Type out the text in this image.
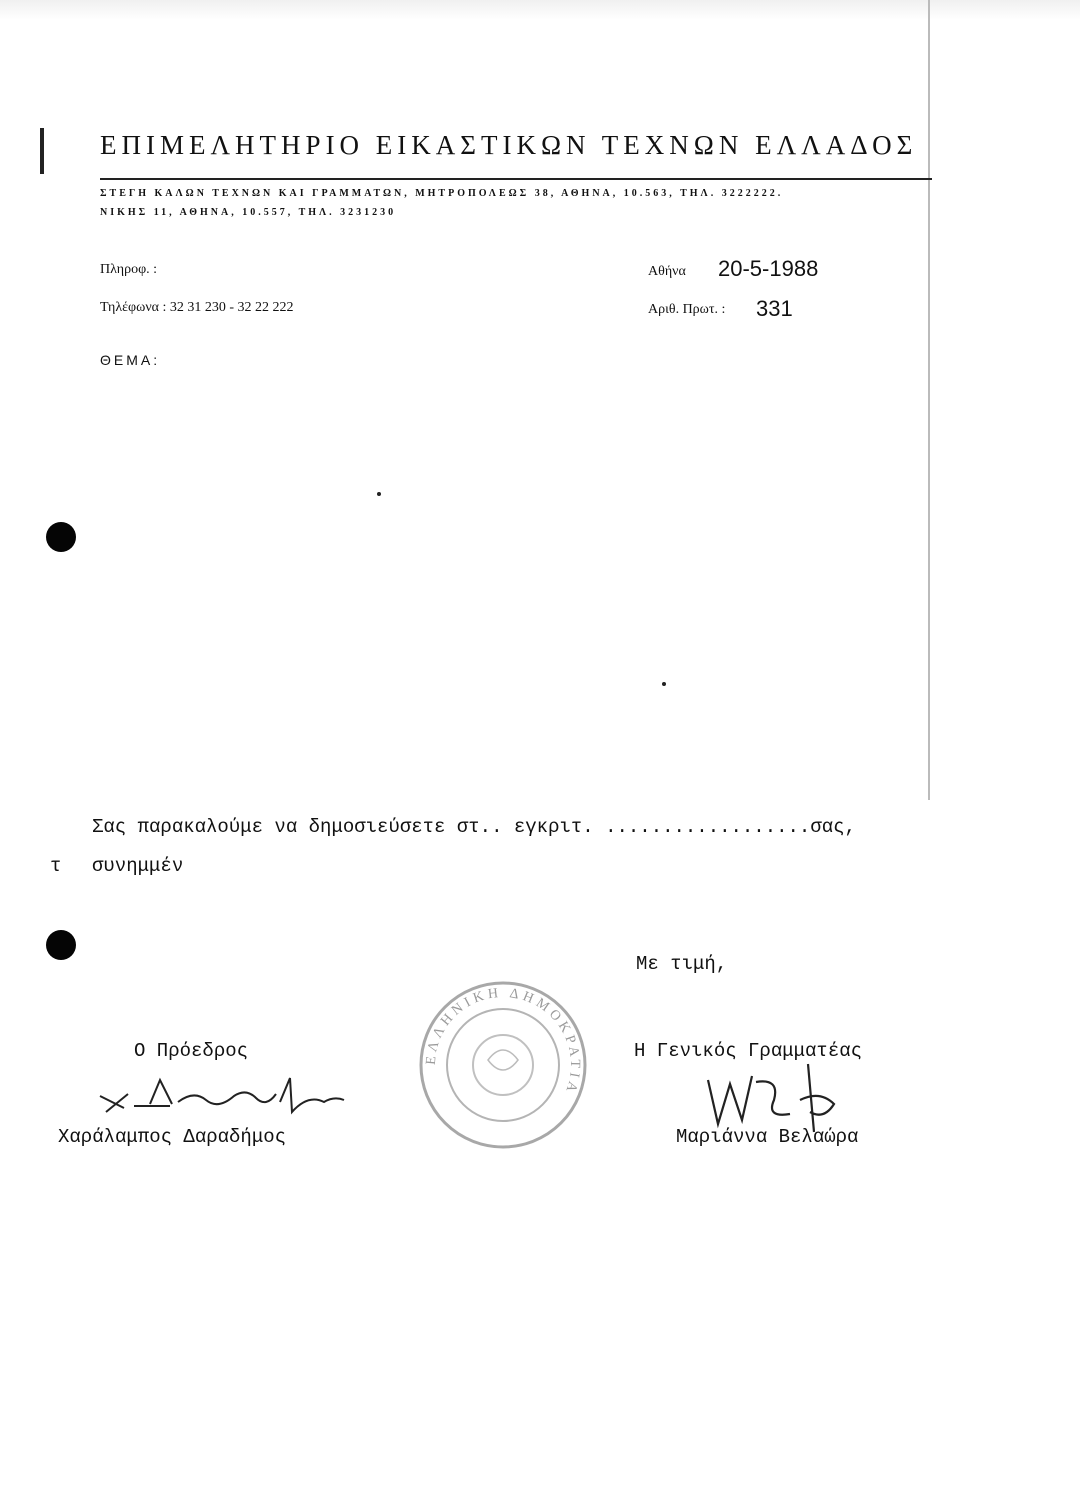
ΕΠΙΜΕΛΗΤΗΡΙΟ ΕΙΚΑΣΤΙΚΩΝ ΤΕΧΝΩΝ ΕΛΛΑΔΟΣ
ΣΤΕΓΗ ΚΑΛΩΝ ΤΕΧΝΩΝ ΚΑΙ ΓΡΑΜΜΑΤΩΝ, ΜΗΤΡΟΠΟΛΕΩΣ 38, ΑΘΗΝΑ, 10.563, ΤΗΛ. 3222222.
ΝΙΚΗΣ 11, ΑΘΗΝΑ, 10.557, ΤΗΛ. 3231230
Πληροφ. :
Τηλέφωνα : 32 31 230 - 32 22 222
Αθήνα 20-5-1988
Αριθ. Πρωτ. : 331
ΘΕΜΑ:
Σας παρακαλούμε να δημοσιεύσετε στ.. εγκριτ. ..................σας,
τ συνημμέν
Με τιμή,
ΕΛΛΗΝΙΚΗ ΔΗΜΟΚΡΑΤΙΑ
Ο Πρόεδρος
Χαράλαμπος Δαραδήμος
Η Γενικός Γραμματέας
Μαριάννα Βελαώρα
